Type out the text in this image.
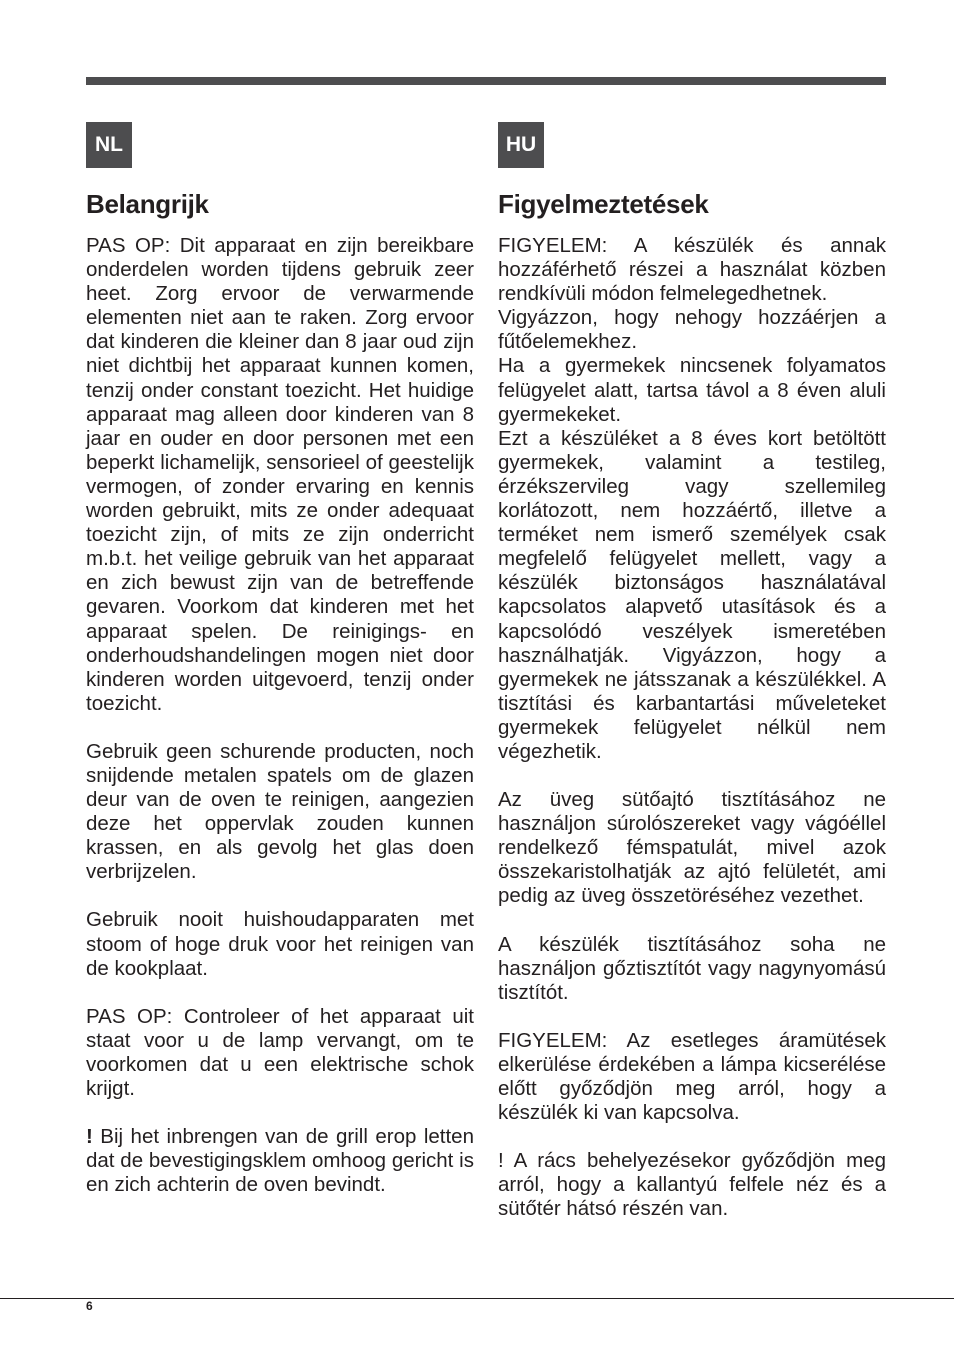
NL
Belangrijk

PAS OP: Dit apparaat en zijn bereikbare onderdelen worden tijdens gebruik zeer heet. Zorg ervoor de verwarmende elementen niet aan te raken. Zorg ervoor dat kinderen die kleiner dan 8 jaar oud zijn niet dichtbij het apparaat kunnen komen, tenzij onder constant toezicht. Het huidige apparaat mag alleen door kinderen van 8 jaar en ouder en door personen met een beperkt lichamelijk, sensorieel of geestelijk vermogen, of zonder ervaring en kennis worden gebruikt, mits ze onder adequaat toezicht zijn, of mits ze zijn onderricht m.b.t. het veilige gebruik van het apparaat en zich bewust zijn van de betreffende gevaren. Voorkom dat kinderen met het apparaat spelen. De reinigings- en onderhoudshandelingen mogen niet door kinderen worden uitgevoerd, tenzij onder toezicht.

Gebruik geen schurende producten, noch snijdende metalen spatels om de glazen deur van de oven te reinigen, aangezien deze het oppervlak zouden kunnen krassen, en als gevolg het glas doen verbrijzelen.

Gebruik nooit huishoudapparaten met stoom of hoge druk voor het reinigen van de kookplaat.

PAS OP: Controleer of het apparaat uit staat voor u de lamp vervangt, om te voorkomen dat u een elektrische schok krijgt.

! Bij het inbrengen van de grill erop letten dat de bevestigingsklem omhoog gericht is en zich achterin de oven bevindt.

HU
Figyelmeztetések

FIGYELEM: A készülék és annak hozzáférhető részei a használat közben rendkívüli módon felmelegedhetnek.

Vigyázzon, hogy nehogy hozzáérjen a fűtőelemekhez.

Ha a gyermekek nincsenek folyamatos felügyelet alatt, tartsa távol a 8 éven aluli gyermekeket.

Ezt a készüléket a 8 éves kort betöltött gyermekek, valamint a testileg, érzékszervileg vagy szellemileg korlátozott, nem hozzáértő, illetve a terméket nem ismerő személyek csak megfelelő felügyelet mellett, vagy a készülék biztonságos használatával kapcsolatos alapvető utasítások és a kapcsolódó veszélyek ismeretében használhatják. Vigyázzon, hogy a gyermekek ne játsszanak a készülékkel. A tisztítási és karbantartási műveleteket gyermekek felügyelet nélkül nem végezhetik.

Az üveg sütőajtó tisztításához ne használjon súrolószereket vagy vágóéllel rendelkező fémspatulát, mivel azok összekaristolhatják az ajtó felületét, ami pedig az üveg összetöréséhez vezethet.

A készülék tisztításához soha ne használjon gőztisztítót vagy nagynyomású tisztítót.

FIGYELEM: Az esetleges áramütések elkerülése érdekében a lámpa kicserélése előtt győződjön meg arról, hogy a készülék ki van kapcsolva.

! A rács behelyezésekor győződjön meg arról, hogy a kallantyú felfele néz és a sütőtér hátsó részén van.

6
